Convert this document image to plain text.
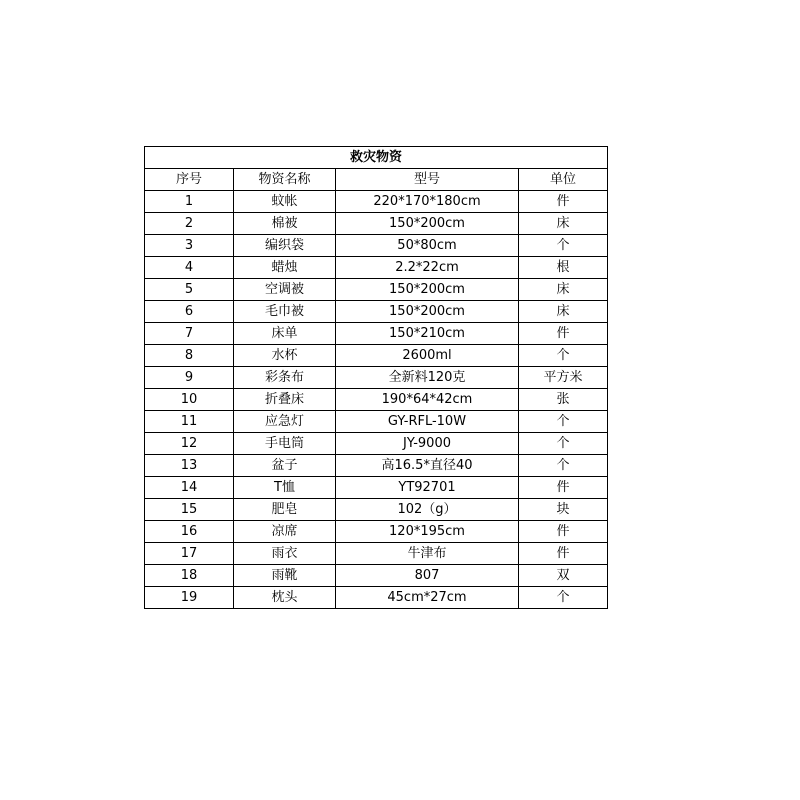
救灾物资			
序号	物资名称	型号	单位
1	蚊帐	220*170*180cm	件
2	棉被	150*200cm	床
3	编织袋	50*80cm	个
4	蜡烛	2.2*22cm	根
5	空调被	150*200cm	床
6	毛巾被	150*200cm	床
7	床单	150*210cm	件
8	水杯	2600ml	个
9	彩条布	全新料120克	平方米
10	折叠床	190*64*42cm	张
11	应急灯	GY-RFL-10W	个
12	手电筒	JY-9000	个
13	盆子	高16.5*直径40	个
14	T恤	YT92701	件
15	肥皂	102（g）	块
16	凉席	120*195cm	件
17	雨衣	牛津布	件
18	雨靴	807	双
19	枕头	45cm*27cm	个
